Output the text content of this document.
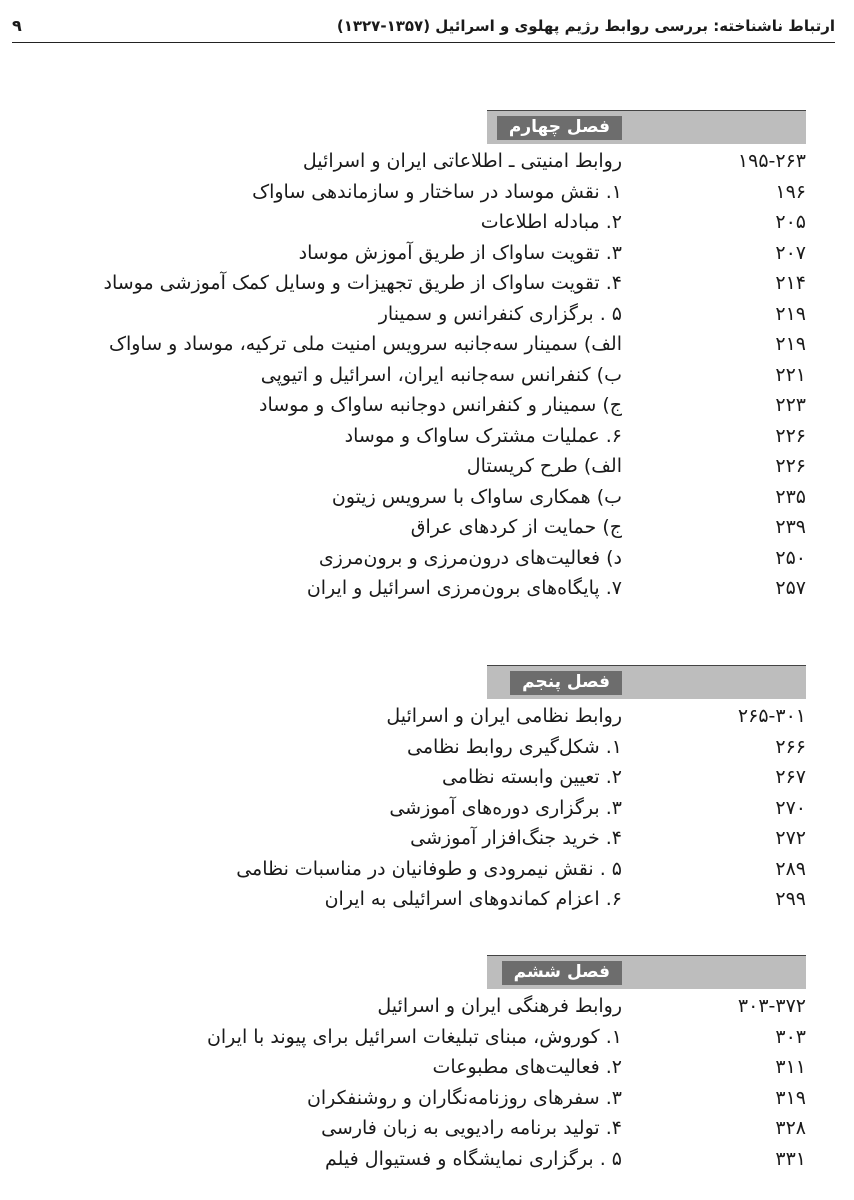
ارتباط ناشناخته: بررسی روابط رژیم پهلوی و اسرائیل (۱۳۵۷-۱۳۲۷)
۹
فصل چهارم
روابط امنیتی ـ اطلاعاتی ایران و اسرائیل	۱۹۵-۲۶۳
۱. نقش موساد در ساختار و سازماندهی ساواک	۱۹۶
۲. مبادله اطلاعات	۲۰۵
۳. تقویت ساواک از طریق آموزش موساد	۲۰۷
۴. تقویت ساواک از طریق تجهیزات و وسایل کمک آموزشی موساد	۲۱۴
۵ . برگزاری کنفرانس و سمینار	۲۱۹
الف) سمینار سه‌جانبه سرویس امنیت ملی ترکیه، موساد و ساواک	۲۱۹
ب) کنفرانس سه‌جانبه ایران، اسرائیل و اتیوپی	۲۲۱
ج) سمینار و کنفرانس دوجانبه ساواک و موساد	۲۲۳
۶. عملیات مشترک ساواک و موساد	۲۲۶
الف) طرح کریستال	۲۲۶
ب) همکاری ساواک با سرویس زیتون	۲۳۵
ج) حمایت از کردهای عراق	۲۳۹
د) فعالیت‌های درون‌مرزی و برون‌مرزی	۲۵۰
۷. پایگاه‌های برون‌مرزی اسرائیل و ایران	۲۵۷
فصل پنجم
روابط نظامی ایران و اسرائیل	۲۶۵-۳۰۱
۱. شکل‌گیری روابط نظامی	۲۶۶
۲. تعیین وابسته نظامی	۲۶۷
۳. برگزاری دوره‌های آموزشی	۲۷۰
۴. خرید جنگ‌افزار آموزشی	۲۷۲
۵ . نقش نیمرودی و طوفانیان در مناسبات نظامی	۲۸۹
۶. اعزام کماندوهای اسرائیلی به ایران	۲۹۹
فصل ششم
روابط فرهنگی ایران و اسرائیل	۳۰۳-۳۷۲
۱. کوروش، مبنای تبلیغات اسرائیل برای پیوند با ایران	۳۰۳
۲. فعالیت‌های مطبوعات	۳۱۱
۳. سفرهای روزنامه‌نگاران و روشنفکران	۳۱۹
۴. تولید برنامه رادیویی به زبان فارسی	۳۲۸
۵ . برگزاری نمایشگاه و فستیوال فیلم	۳۳۱
